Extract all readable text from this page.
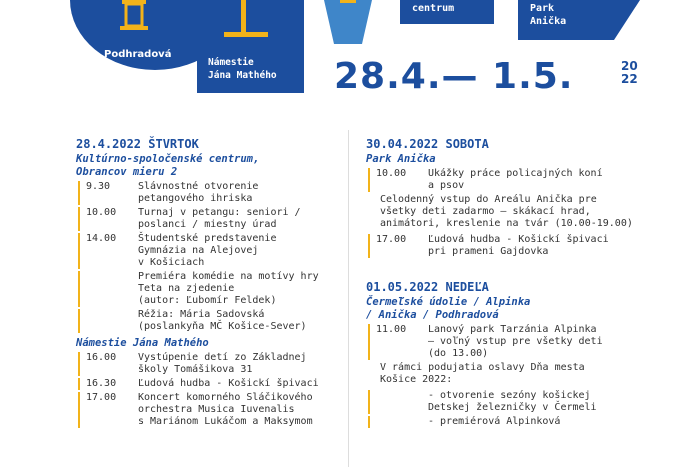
Podhradová
Námestie
Jána Mathého
centrum	Park
Anička
28.4.— 1.5.	20
22
28.4.2022 ŠTVRTOK
Kultúrno-spoločenské centrum,
Obrancov mieru 2
9.30	Slávnostné otvorenie
petangového ihriska
10.00	Turnaj v petangu: seniori /
poslanci / miestny úrad
14.00	Študentské predstavenie
Gymnázia na Alejovej
v Košiciach
Premiéra komédie na motívy hry
Teta na zjedenie
(autor: Ľubomír Feldek)
Réžia: Mária Sadovská
(poslankyňa MČ Košice-Sever)
Námestie Jána Mathého
16.00	Vystúpenie detí zo Základnej
školy Tomášikova 31
16.30	Ľudová hudba - Košickí špivaci
17.00	Koncert komorného Sláčikového
orchestra Musica Iuvenalis
s Mariánom Lukáčom a Maksymom
30.04.2022 SOBOTA
Park Anička
10.00	Ukážky práce policajných koní
a psov
Celodenný vstup do Areálu Anička pre
všetky deti zadarmo – skákací hrad,
animátori, kreslenie na tvár (10.00-19.00)
17.00	Ľudová hudba - Košickí špivaci
pri prameni Gajdovka
01.05.2022 NEDEĽA
Čermeľské údolie / Alpinka
/ Anička / Podhradová
11.00	Lanový park Tarzánia Alpinka
– voľný vstup pre všetky deti
(do 13.00)
V rámci podujatia oslavy Dňa mesta
Košice 2022:
- otvorenie sezóny košickej
Detskej železničky v Čermeli
- premiérová Alpinková
